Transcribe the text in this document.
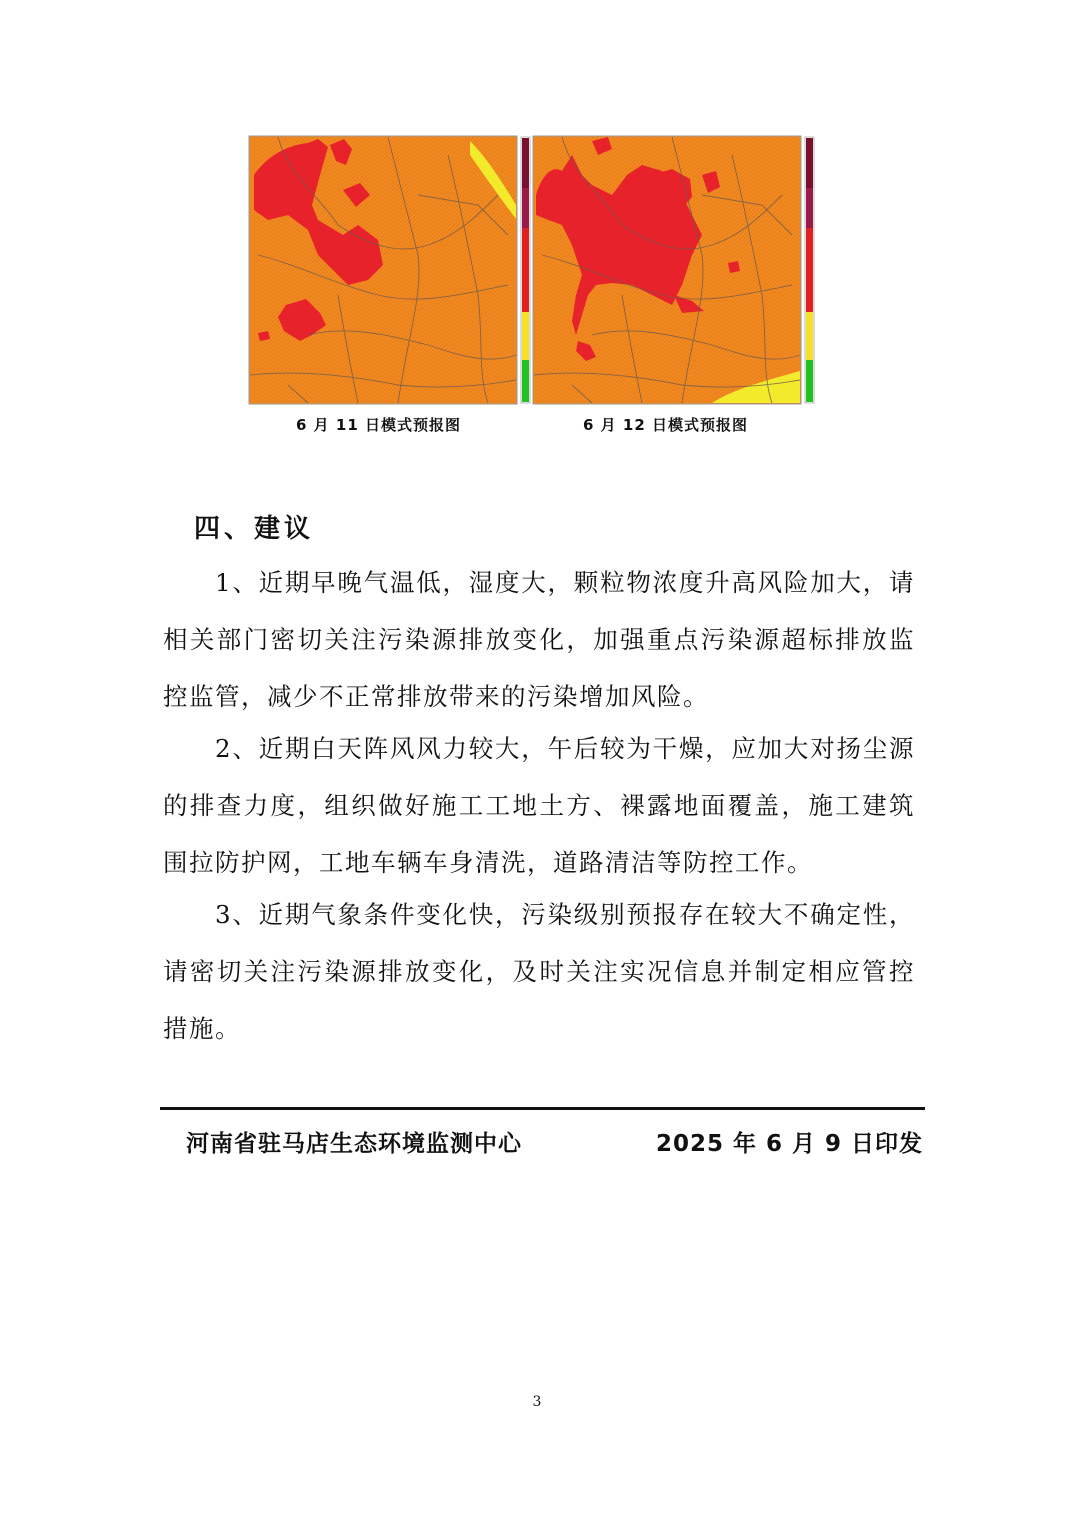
6 月 11 日模式预报图	6 月 12 日模式预报图
四、建议

1、近期早晚气温低，湿度大，颗粒物浓度升高风险加大，请相关部门密切关注污染源排放变化，加强重点污染源超标排放监控监管，减少不正常排放带来的污染增加风险。

2、近期白天阵风风力较大，午后较为干燥，应加大对扬尘源的排查力度，组织做好施工工地土方、裸露地面覆盖，施工建筑围拉防护网，工地车辆车身清洗，道路清洁等防控工作。

3、近期气象条件变化快，污染级别预报存在较大不确定性，请密切关注污染源排放变化，及时关注实况信息并制定相应管控措施。

河南省驻马店生态环境监测中心	2025 年 6 月 9 日印发
3
